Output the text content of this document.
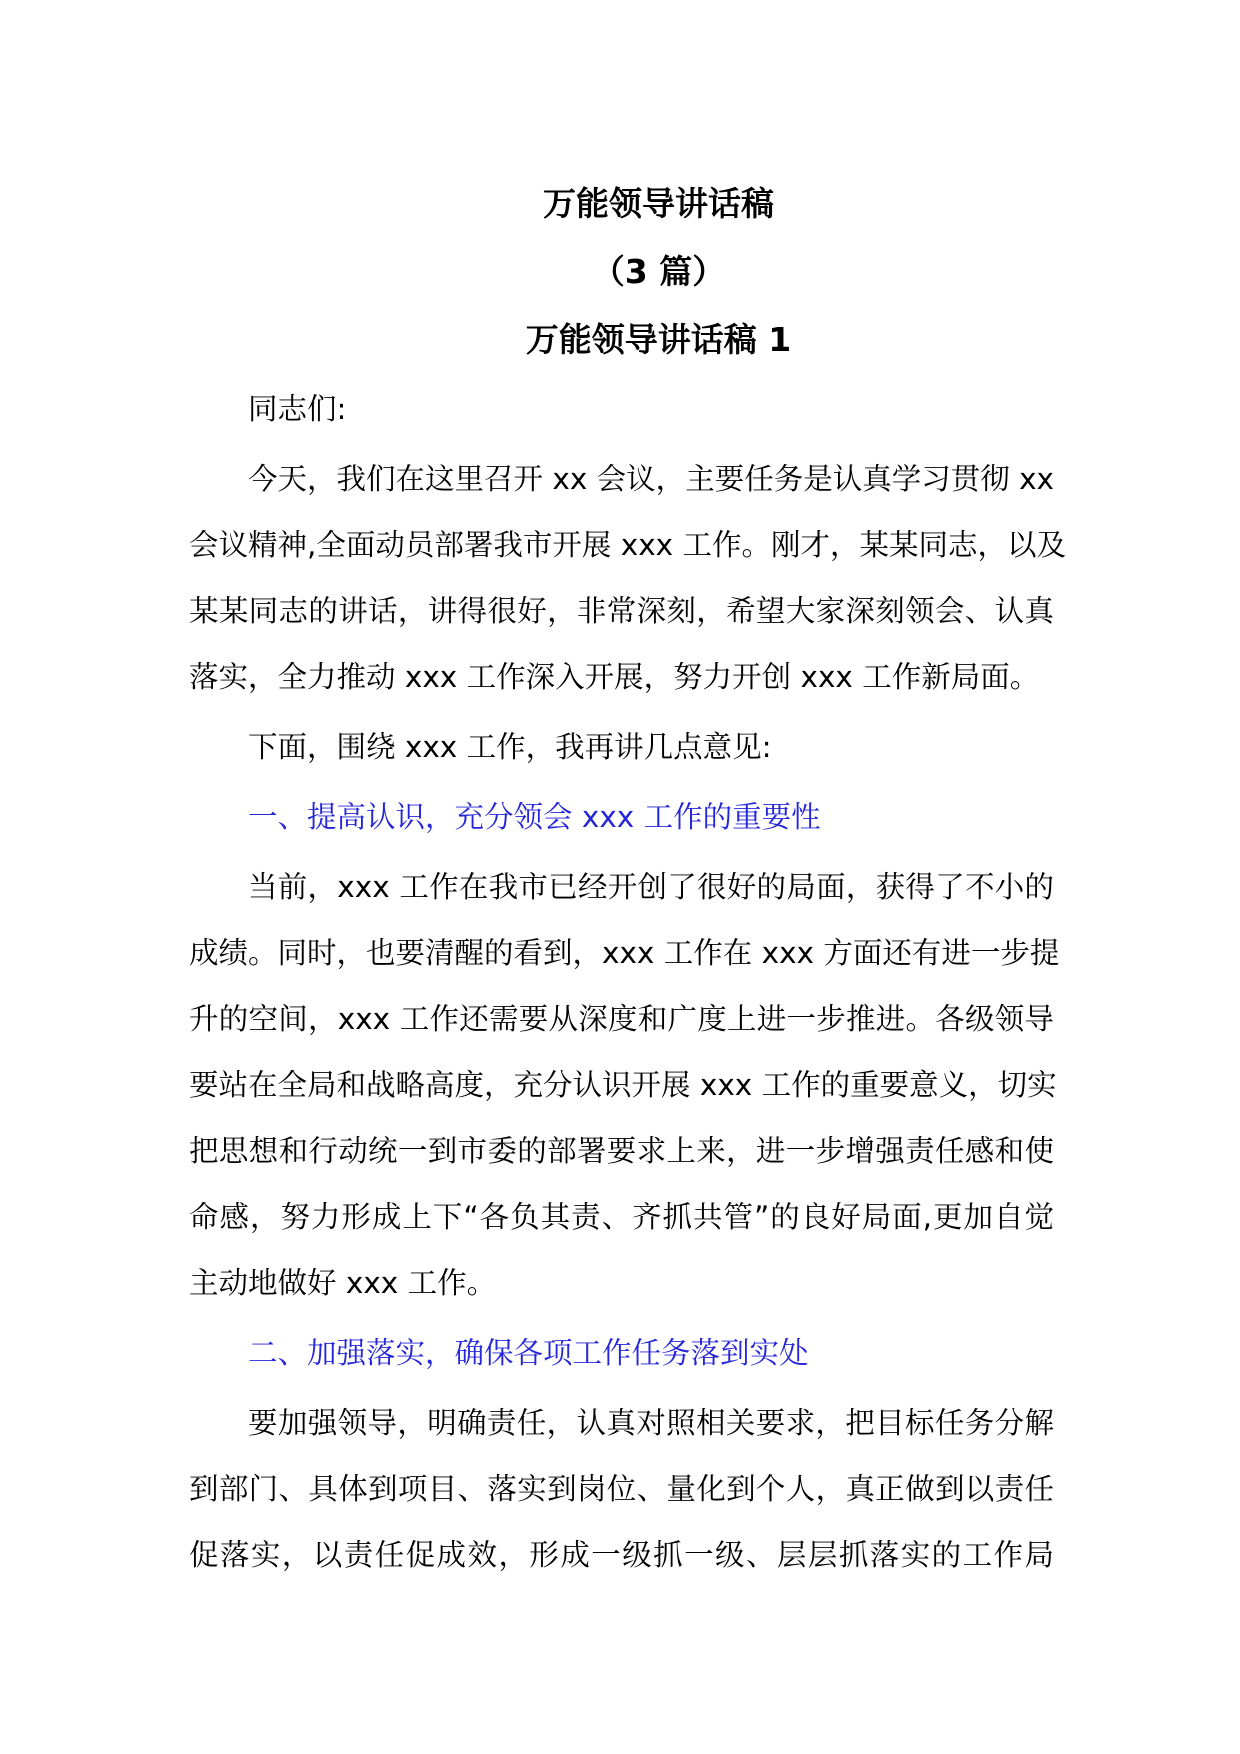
万能领导讲话稿
（3 篇）
万能领导讲话稿 1
同志们:
今天，我们在这里召开 xx 会议，主要任务是认真学习贯彻 xx
会议精神,全面动员部署我市开展 xxx 工作。刚才，某某同志，以及
某某同志的讲话，讲得很好，非常深刻，希望大家深刻领会、认真
落实，全力推动 xxx 工作深入开展，努力开创 xxx 工作新局面。
下面，围绕 xxx 工作，我再讲几点意见:
一、提高认识，充分领会 xxx 工作的重要性
当前，xxx 工作在我市已经开创了很好的局面，获得了不小的
成绩。同时，也要清醒的看到，xxx 工作在 xxx 方面还有进一步提
升的空间，xxx 工作还需要从深度和广度上进一步推进。各级领导
要站在全局和战略高度，充分认识开展 xxx 工作的重要意义，切实
把思想和行动统一到市委的部署要求上来，进一步增强责任感和使
命感，努力形成上下“各负其责、齐抓共管”的良好局面,更加自觉
主动地做好 xxx 工作。
二、加强落实，确保各项工作任务落到实处
要加强领导，明确责任，认真对照相关要求，把目标任务分解
到部门、具体到项目、落实到岗位、量化到个人，真正做到以责任
促落实，以责任促成效，形成一级抓一级、层层抓落实的工作局
